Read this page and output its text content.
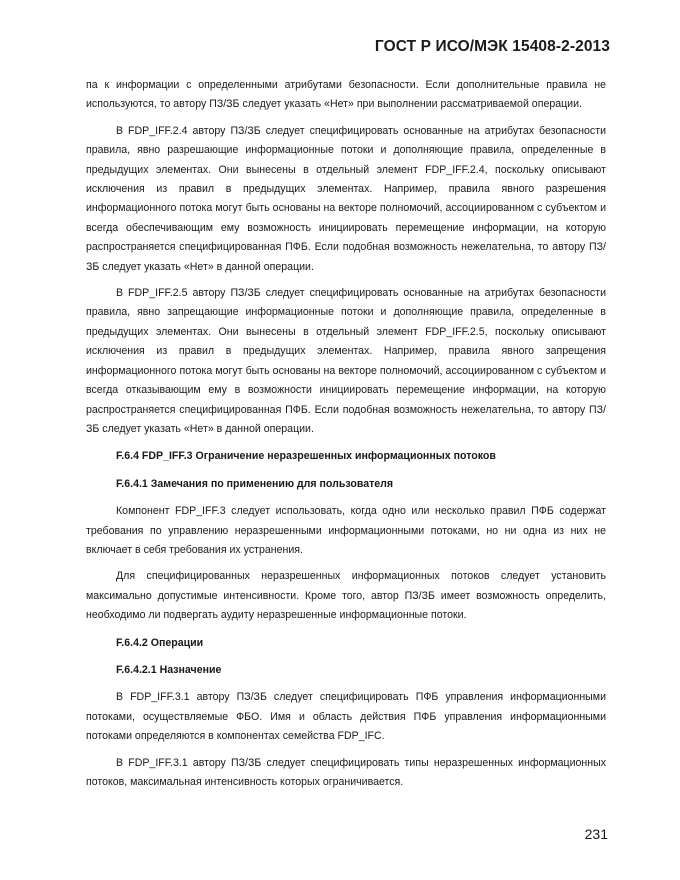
ГОСТ Р ИСО/МЭК 15408-2-2013

па к информации с определенными атрибутами безопасности. Если дополнительные правила не используются, то автору ПЗ/ЗБ следует указать «Нет» при выполнении рассматриваемой операции.

В FDP_IFF.2.4 автору ПЗ/ЗБ следует специфицировать основанные на атрибутах безопасности правила, явно разрешающие информационные потоки и дополняющие правила, определенные в предыдущих элементах. Они вынесены в отдельный элемент FDP_IFF.2.4, поскольку описывают исключения из правил в предыдущих элементах. Например, правила явного разрешения информационного потока могут быть основаны на векторе полномочий, ассоциированном с субъектом и всегда обеспечивающим ему возможность инициировать перемещение информации, на которую распространяется специфицированная ПФБ. Если подобная возможность нежелательна, то автору ПЗ/ЗБ следует указать «Нет» в данной операции.

В FDP_IFF.2.5 автору ПЗ/ЗБ следует специфицировать основанные на атрибутах безопасности правила, явно запрещающие информационные потоки и дополняющие правила, определенные в предыдущих элементах. Они вынесены в отдельный элемент FDP_IFF.2.5, поскольку описывают исключения из правил в предыдущих элементах. Например, правила явного запрещения информационного потока могут быть основаны на векторе полномочий, ассоциированном с субъектом и всегда отказывающим ему в возможности инициировать перемещение информации, на которую распространяется специфицированная ПФБ. Если подобная возможность нежелательна, то автору ПЗ/ЗБ следует указать «Нет» в данной операции.

F.6.4 FDP_IFF.3 Ограничение неразрешенных информационных потоков

F.6.4.1 Замечания по применению для пользователя

Компонент FDP_IFF.3 следует использовать, когда одно или несколько правил ПФБ содержат требования по управлению неразрешенными информационными потоками, но ни одна из них не включает в себя требования их устранения.

Для специфицированных неразрешенных информационных потоков следует установить максимально допустимые интенсивности. Кроме того, автор ПЗ/ЗБ имеет возможность определить, необходимо ли подвергать аудиту неразрешенные информационные потоки.

F.6.4.2 Операции

F.6.4.2.1 Назначение

В FDP_IFF.3.1 автору ПЗ/ЗБ следует специфицировать ПФБ управления информационными потоками, осуществляемые ФБО. Имя и область действия ПФБ управления информационными потоками определяются в компонентах семейства FDP_IFC.

В FDP_IFF.3.1 автору ПЗ/ЗБ следует специфицировать типы неразрешенных информационных потоков, максимальная интенсивность которых ограничивается.

231
